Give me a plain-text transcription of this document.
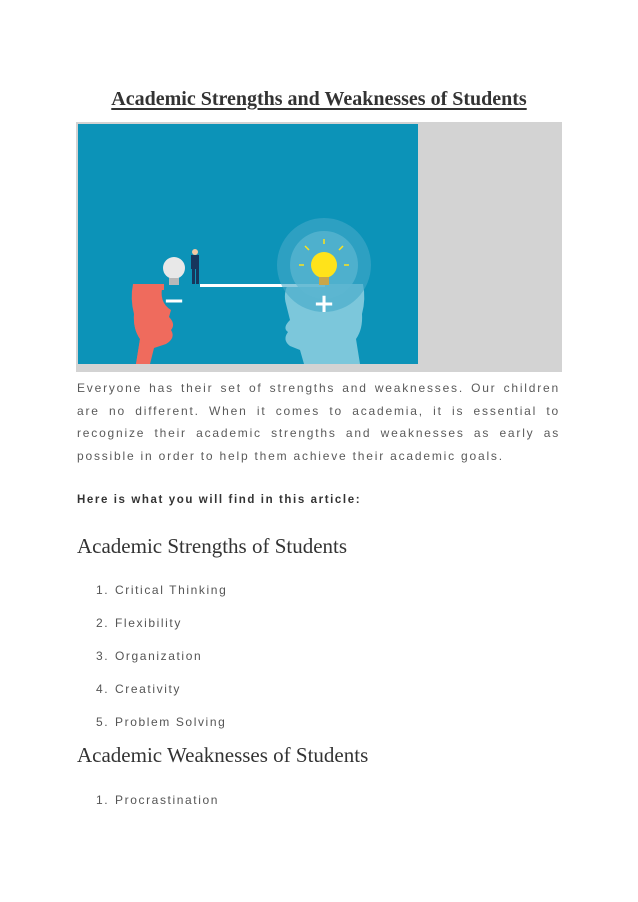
Academic Strengths and Weaknesses of Students
−	+

Everyone has their set of strengths and weaknesses. Our children are no different. When it comes to academia, it is essential to recognize their academic strengths and weaknesses as early as possible in order to help them achieve their academic goals.

Here is what you will find in this article:

Academic Strengths of Students
1. Critical Thinking
2. Flexibility
3. Organization
4. Creativity
5. Problem Solving
Academic Weaknesses of Students
1. Procrastination
